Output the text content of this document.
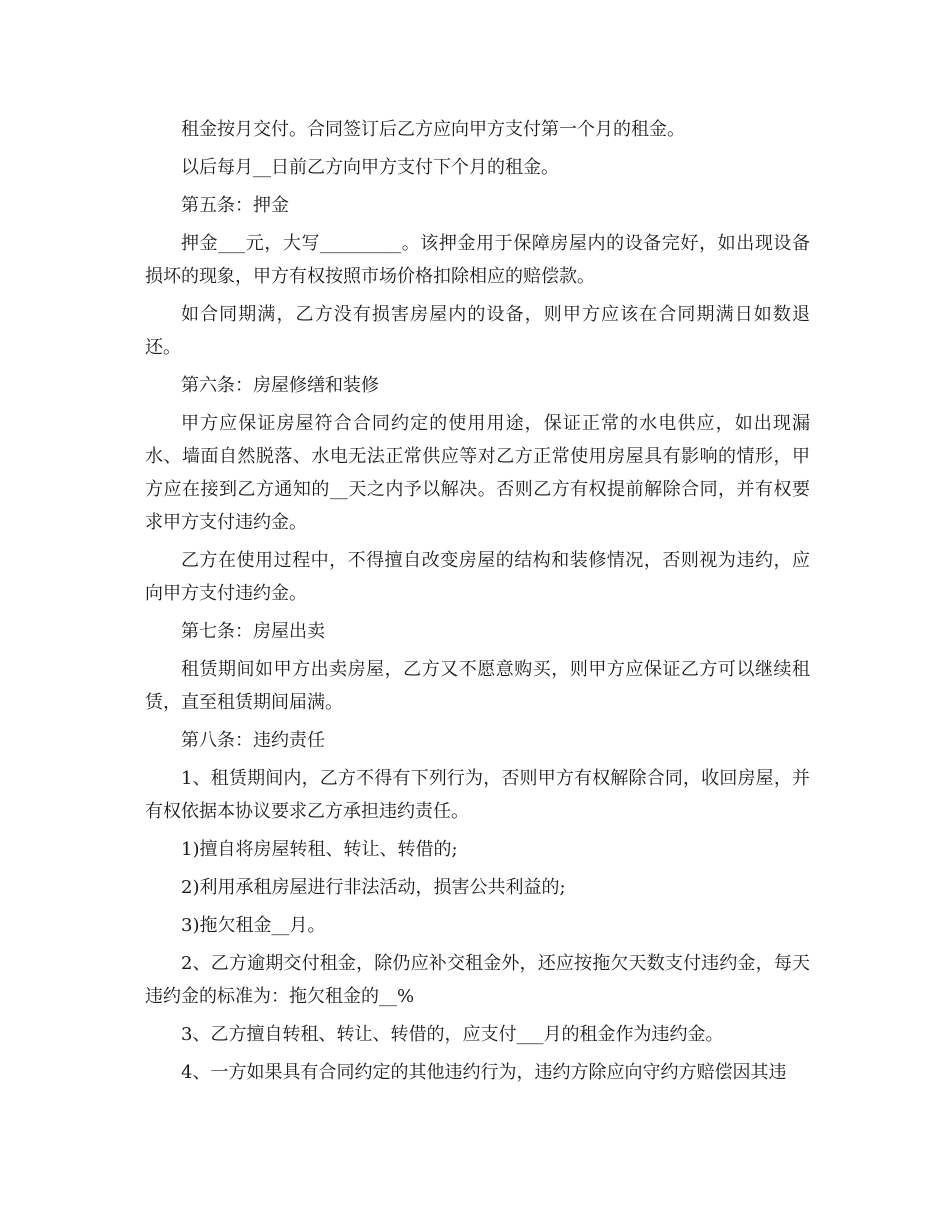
租金按月交付。合同签订后乙方应向甲方支付第一个月的租金。

以后每月__日前乙方向甲方支付下个月的租金。

第五条：押金

押金___元，大写_________。该押金用于保障房屋内的设备完好，如出现设备损坏的现象，甲方有权按照市场价格扣除相应的赔偿款。

如合同期满，乙方没有损害房屋内的设备，则甲方应该在合同期满日如数退还。

第六条：房屋修缮和装修

甲方应保证房屋符合合同约定的使用用途，保证正常的水电供应，如出现漏水、墙面自然脱落、水电无法正常供应等对乙方正常使用房屋具有影响的情形，甲方应在接到乙方通知的__天之内予以解决。否则乙方有权提前解除合同，并有权要求甲方支付违约金。

乙方在使用过程中，不得擅自改变房屋的结构和装修情况，否则视为违约，应向甲方支付违约金。

第七条：房屋出卖

租赁期间如甲方出卖房屋，乙方又不愿意购买，则甲方应保证乙方可以继续租赁，直至租赁期间届满。

第八条：违约责任

1、租赁期间内，乙方不得有下列行为，否则甲方有权解除合同，收回房屋，并有权依据本协议要求乙方承担违约责任。

1)擅自将房屋转租、转让、转借的;

2)利用承租房屋进行非法活动，损害公共利益的;

3)拖欠租金__月。

2、乙方逾期交付租金，除仍应补交租金外，还应按拖欠天数支付违约金，每天违约金的标准为：拖欠租金的__%

3、乙方擅自转租、转让、转借的，应支付___月的租金作为违约金。

4、一方如果具有合同约定的其他违约行为，违约方除应向守约方赔偿因其违
